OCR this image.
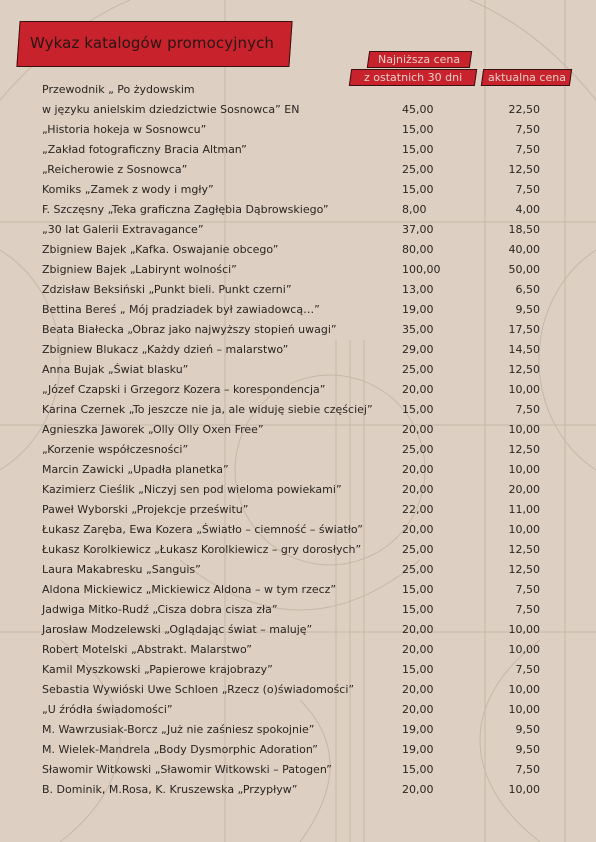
Wykaz katalogów promocyjnych
Najniższa cena
z ostatnich 30 dni	aktualna cena
Przewodnik „ Po żydowskim
w języku anielskim dziedzictwie Sosnowca” EN	45,00	22,50
„Historia hokeja w Sosnowcu”	15,00	7,50
„Zakład fotograficzny Bracia Altman”	15,00	7,50
„Reicherowie z Sosnowca”	25,00	12,50
Komiks „Zamek z wody i mgły”	15,00	7,50
F. Szczęsny „Teka graficzna Zagłębia Dąbrowskiego”	8,00	4,00
„30 lat Galerii Extravagance”	37,00	18,50
Zbigniew Bajek „Kafka. Oswajanie obcego”	80,00	40,00
Zbigniew Bajek „Labirynt wolności”	100,00	50,00
Zdzisław Beksiński „Punkt bieli. Punkt czerni”	13,00	6,50
Bettina Bereś „ Mój pradziadek był zawiadowcą…”	19,00	9,50
Beata Białecka „Obraz jako najwyższy stopień uwagi”	35,00	17,50
Zbigniew Blukacz „Każdy dzień – malarstwo”	29,00	14,50
Anna Bujak „Świat blasku”	25,00	12,50
„Józef Czapski i Grzegorz Kozera – korespondencja”	20,00	10,00
Karina Czernek „To jeszcze nie ja, ale widuję siebie częściej”	15,00	7,50
Agnieszka Jaworek „Olly Olly Oxen Free”	20,00	10,00
„Korzenie współczesności”	25,00	12,50
Marcin Zawicki „Upadła planetka”	20,00	10,00
Kazimierz Cieślik „Niczyj sen pod wieloma powiekami”	20,00	20,00
Paweł Wyborski „Projekcje prześwitu”	22,00	11,00
Łukasz Zaręba, Ewa Kozera „Światło – ciemność – światło”	20,00	10,00
Łukasz Korolkiewicz „Łukasz Korolkiewicz – gry dorosłych”	25,00	12,50
Laura Makabresku „Sanguis”	25,00	12,50
Aldona Mickiewicz „Mickiewicz Aldona – w tym rzecz”	15,00	7,50
Jadwiga Mitko-Rudź „Cisza dobra cisza zła”	15,00	7,50
Jarosław Modzelewski „Oglądając świat – maluję”	20,00	10,00
Robert Motelski „Abstrakt. Malarstwo”	20,00	10,00
Kamil Myszkowski „Papierowe krajobrazy”	15,00	7,50
Sebastia Wywióski Uwe Schloen „Rzecz (o)świadomości”	20,00	10,00
„U źródła świadomości”	20,00	10,00
M. Wawrzusiak-Borcz „Już nie zaśniesz spokojnie”	19,00	9,50
M. Wielek-Mandrela „Body Dysmorphic Adoration”	19,00	9,50
Sławomir Witkowski „Sławomir Witkowski – Patogen”	15,00	7,50
B. Dominik, M.Rosa, K. Kruszewska „Przypływ”	20,00	10,00
